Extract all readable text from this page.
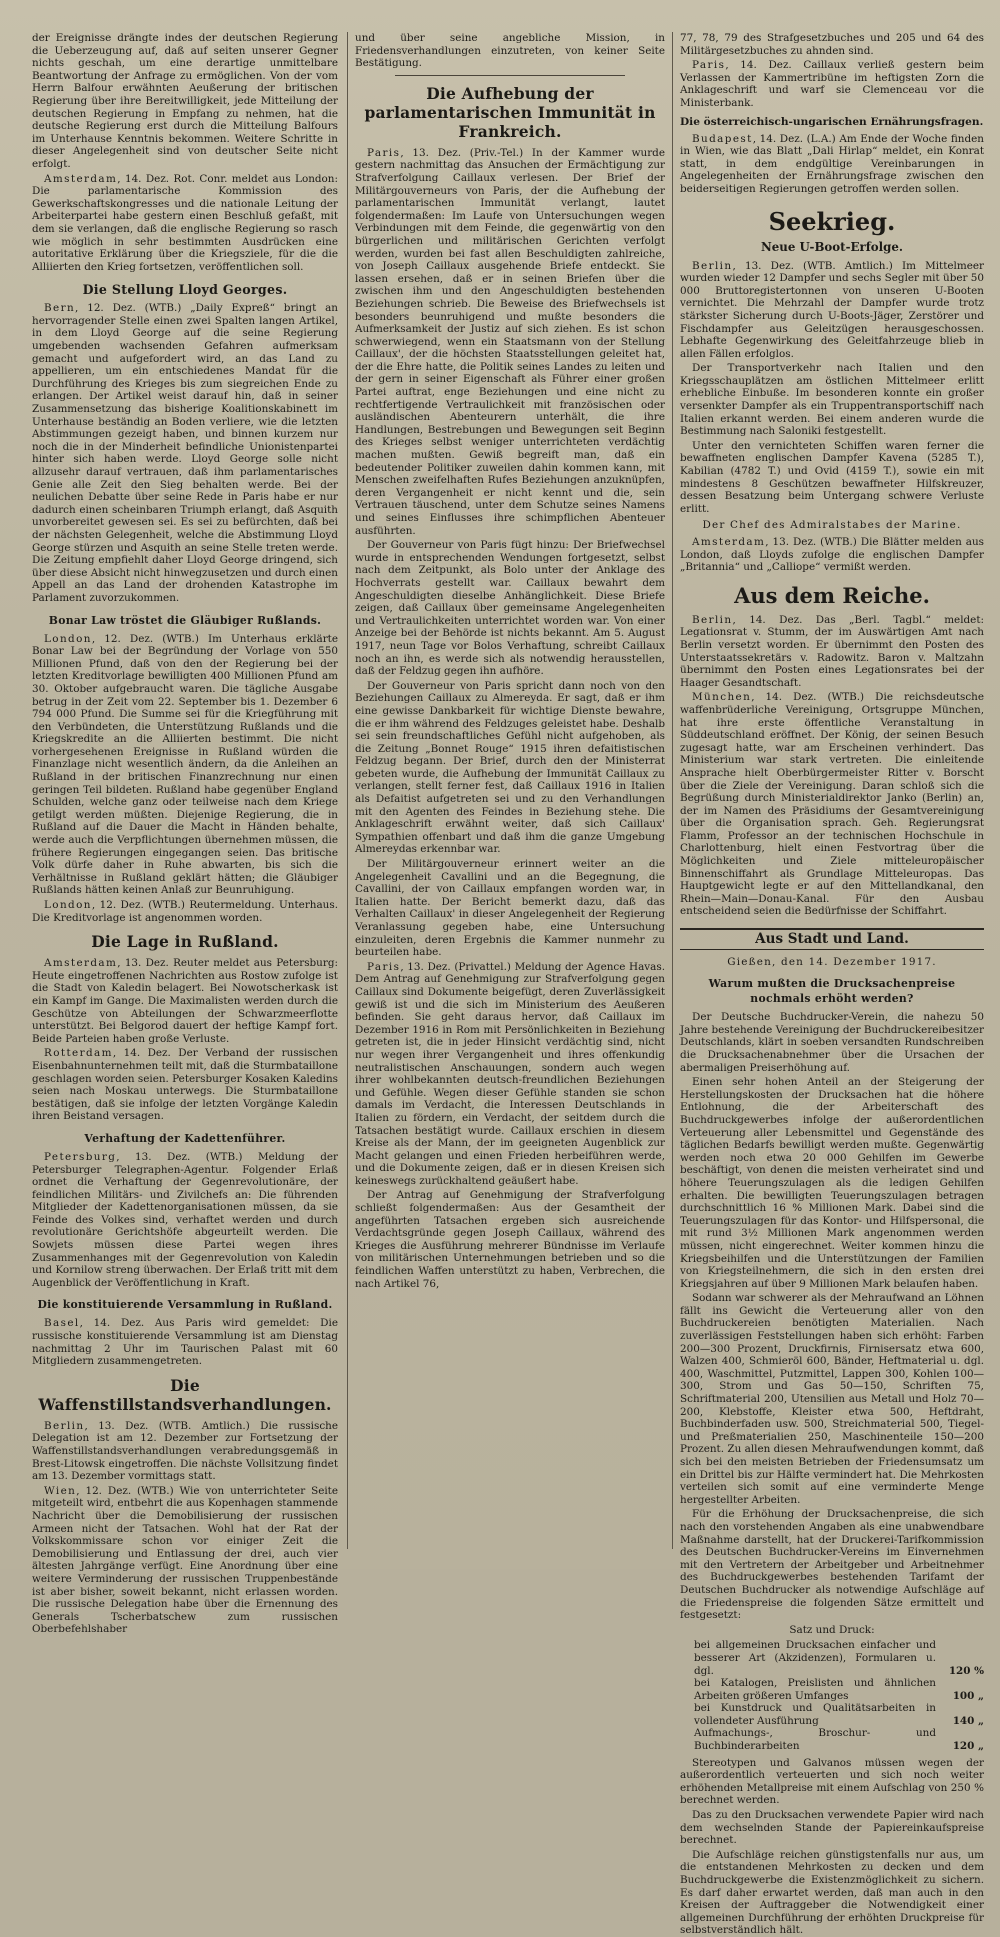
der Ereignisse drängte indes der deutschen Regierung die Ueberzeugung auf, daß auf seiten unserer Gegner nichts geschah, um eine derartige unmittelbare Beantwortung der Anfrage zu ermöglichen. Von der vom Herrn Balfour erwähnten Aeußerung der britischen Regierung über ihre Bereitwilligkeit, jede Mitteilung der deutschen Regierung in Empfang zu nehmen, hat die deutsche Regierung erst durch die Mitteilung Balfours im Unterhause Kenntnis bekommen. Weitere Schritte in dieser Angelegenheit sind von deutscher Seite nicht erfolgt.

Amsterdam, 14. Dez. Rot. Conr. meldet aus London: Die parlamentarische Kommission des Gewerkschaftskongresses und die nationale Leitung der Arbeiterpartei habe gestern einen Beschluß gefaßt, mit dem sie verlangen, daß die englische Regierung so rasch wie möglich in sehr bestimmten Ausdrücken eine autoritative Erklärung über die Kriegsziele, für die die Alliierten den Krieg fortsetzen, veröffentlichen soll.

Die Stellung Lloyd Georges.

Bern, 12. Dez. (WTB.) „Daily Expreß“ bringt an hervorragender Stelle einen zwei Spalten langen Artikel, in dem Lloyd George auf die seine Regierung umgebenden wachsenden Gefahren aufmerksam gemacht und aufgefordert wird, an das Land zu appellieren, um ein entschiedenes Mandat für die Durchführung des Krieges bis zum siegreichen Ende zu erlangen. Der Artikel weist darauf hin, daß in seiner Zusammensetzung das bisherige Koalitionskabinett im Unterhause beständig an Boden verliere, wie die letzten Abstimmungen gezeigt haben, und binnen kurzem nur noch die in der Minderheit befindliche Unionistenpartei hinter sich haben werde. Lloyd George solle nicht allzusehr darauf vertrauen, daß ihm parlamentarisches Genie alle Zeit den Sieg behalten werde. Bei der neulichen Debatte über seine Rede in Paris habe er nur dadurch einen scheinbaren Triumph erlangt, daß Asquith unvorbereitet gewesen sei. Es sei zu befürchten, daß bei der nächsten Gelegenheit, welche die Abstimmung Lloyd George stürzen und Asquith an seine Stelle treten werde. Die Zeitung empfiehlt daher Lloyd George dringend, sich über diese Absicht nicht hinwegzusetzen und durch einen Appell an das Land der drohenden Katastrophe im Parlament zuvorzukommen.

Bonar Law tröstet die Gläubiger Rußlands.

London, 12. Dez. (WTB.) Im Unterhaus erklärte Bonar Law bei der Begründung der Vorlage von 550 Millionen Pfund, daß von den der Regierung bei der letzten Kreditvorlage bewilligten 400 Millionen Pfund am 30. Oktober aufgebraucht waren. Die tägliche Ausgabe betrug in der Zeit vom 22. September bis 1. Dezember 6 794 000 Pfund. Die Summe sei für die Kriegführung mit den Verbündeten, die Unterstützung Rußlands und die Kriegskredite an die Alliierten bestimmt. Die nicht vorhergesehenen Ereignisse in Rußland würden die Finanzlage nicht wesentlich ändern, da die Anleihen an Rußland in der britischen Finanzrechnung nur einen geringen Teil bildeten. Rußland habe gegenüber England Schulden, welche ganz oder teilweise nach dem Kriege getilgt werden müßten. Diejenige Regierung, die in Rußland auf die Dauer die Macht in Händen behalte, werde auch die Verpflichtungen übernehmen müssen, die frühere Regierungen eingegangen seien. Das britische Volk dürfe daher in Ruhe abwarten, bis sich die Verhältnisse in Rußland geklärt hätten; die Gläubiger Rußlands hätten keinen Anlaß zur Beunruhigung.

London, 12. Dez. (WTB.) Reutermeldung. Unterhaus. Die Kreditvorlage ist angenommen worden.

Die Lage in Rußland.

Amsterdam, 13. Dez. Reuter meldet aus Petersburg: Heute eingetroffenen Nachrichten aus Rostow zufolge ist die Stadt von Kaledin belagert. Bei Nowotscherkask ist ein Kampf im Gange. Die Maximalisten werden durch die Geschütze von Abteilungen der Schwarzmeerflotte unterstützt. Bei Belgorod dauert der heftige Kampf fort. Beide Parteien haben große Verluste.

Rotterdam, 14. Dez. Der Verband der russischen Eisenbahnunternehmen teilt mit, daß die Sturmbataillone geschlagen worden seien. Petersburger Kosaken Kaledins seien nach Moskau unterwegs. Die Sturmbataillone bestätigen, daß sie infolge der letzten Vorgänge Kaledin ihren Beistand versagen.

Verhaftung der Kadettenführer.

Petersburg, 13. Dez. (WTB.) Meldung der Petersburger Telegraphen-Agentur. Folgender Erlaß ordnet die Verhaftung der Gegenrevolutionäre, der feindlichen Militärs- und Zivilchefs an: Die führenden Mitglieder der Kadettenorganisationen müssen, da sie Feinde des Volkes sind, verhaftet werden und durch revolutionäre Gerichtshöfe abgeurteilt werden. Die Sowjets müssen diese Partei wegen ihres Zusammenhanges mit der Gegenrevolution von Kaledin und Kornilow streng überwachen. Der Erlaß tritt mit dem Augenblick der Veröffentlichung in Kraft.

Die konstituierende Versammlung in Rußland.

Basel, 14. Dez. Aus Paris wird gemeldet: Die russische konstituierende Versammlung ist am Dienstag nachmittag 2 Uhr im Taurischen Palast mit 60 Mitgliedern zusammengetreten.

Die Waffenstillstandsverhandlungen.

Berlin, 13. Dez. (WTB. Amtlich.) Die russische Delegation ist am 12. Dezember zur Fortsetzung der Waffenstillstandsverhandlungen verabredungsgemäß in Brest-Litowsk eingetroffen. Die nächste Vollsitzung findet am 13. Dezember vormittags statt.

Wien, 12. Dez. (WTB.) Wie von unterrichteter Seite mitgeteilt wird, entbehrt die aus Kopenhagen stammende Nachricht über die Demobilisierung der russischen Armeen nicht der Tatsachen. Wohl hat der Rat der Volkskommissare schon vor einiger Zeit die Demobilisierung und Entlassung der drei, auch vier ältesten Jahrgänge verfügt. Eine Anordnung über eine weitere Verminderung der russischen Truppenbestände ist aber bisher, soweit bekannt, nicht erlassen worden. Die russische Delegation habe über die Ernennung des Generals Tscherbatschew zum russischen Oberbefehlshaber

und über seine angebliche Mission, in Friedensverhandlungen einzutreten, von keiner Seite Bestätigung.

Die Aufhebung der parlamentarischen Immunität in Frankreich.

Paris, 13. Dez. (Priv.-Tel.) In der Kammer wurde gestern nachmittag das Ansuchen der Ermächtigung zur Strafverfolgung Caillaux verlesen. Der Brief der Militärgouverneurs von Paris, der die Aufhebung der parlamentarischen Immunität verlangt, lautet folgendermaßen: Im Laufe von Untersuchungen wegen Verbindungen mit dem Feinde, die gegenwärtig von den bürgerlichen und militärischen Gerichten verfolgt werden, wurden bei fast allen Beschuldigten zahlreiche, von Joseph Caillaux ausgehende Briefe entdeckt. Sie lassen ersehen, daß er in seinen Briefen über die zwischen ihm und den Angeschuldigten bestehenden Beziehungen schrieb. Die Beweise des Briefwechsels ist besonders beunruhigend und mußte besonders die Aufmerksamkeit der Justiz auf sich ziehen. Es ist schon schwerwiegend, wenn ein Staatsmann von der Stellung Caillaux', der die höchsten Staatsstellungen geleitet hat, der die Ehre hatte, die Politik seines Landes zu leiten und der gern in seiner Eigenschaft als Führer einer großen Partei auftrat, enge Beziehungen und eine nicht zu rechtfertigende Vertraulichkeit mit französischen oder ausländischen Abenteurern unterhält, die ihre Handlungen, Bestrebungen und Bewegungen seit Beginn des Krieges selbst weniger unterrichteten verdächtig machen mußten. Gewiß begreift man, daß ein bedeutender Politiker zuweilen dahin kommen kann, mit Menschen zweifelhaften Rufes Beziehungen anzuknüpfen, deren Vergangenheit er nicht kennt und die, sein Vertrauen täuschend, unter dem Schutze seines Namens und seines Einflusses ihre schimpflichen Abenteuer ausführten.

Der Gouverneur von Paris fügt hinzu: Der Briefwechsel wurde in entsprechenden Wendungen fortgesetzt, selbst nach dem Zeitpunkt, als Bolo unter der Anklage des Hochverrats gestellt war. Caillaux bewahrt dem Angeschuldigten dieselbe Anhänglichkeit. Diese Briefe zeigen, daß Caillaux über gemeinsame Angelegenheiten und Vertraulichkeiten unterrichtet worden war. Von einer Anzeige bei der Behörde ist nichts bekannt. Am 5. August 1917, neun Tage vor Bolos Verhaftung, schreibt Caillaux noch an ihn, es werde sich als notwendig herausstellen, daß der Feldzug gegen ihn aufhöre.

Der Gouverneur von Paris spricht dann noch von den Beziehungen Caillaux zu Almereyda. Er sagt, daß er ihm eine gewisse Dankbarkeit für wichtige Dienste bewahre, die er ihm während des Feldzuges geleistet habe. Deshalb sei sein freundschaftliches Gefühl nicht aufgehoben, als die Zeitung „Bonnet Rouge“ 1915 ihren defaitistischen Feldzug begann. Der Brief, durch den der Ministerrat gebeten wurde, die Aufhebung der Immunität Caillaux zu verlangen, stellt ferner fest, daß Caillaux 1916 in Italien als Defaitist aufgetreten sei und zu den Verhandlungen mit den Agenten des Feindes in Beziehung stehe. Die Anklageschrift erwähnt weiter, daß sich Caillaux' Sympathien offenbart und daß ihm die ganze Umgebung Almereydas erkennbar war.

Der Militärgouverneur erinnert weiter an die Angelegenheit Cavallini und an die Begegnung, die Cavallini, der von Caillaux empfangen worden war, in Italien hatte. Der Bericht bemerkt dazu, daß das Verhalten Caillaux' in dieser Angelegenheit der Regierung Veranlassung gegeben habe, eine Untersuchung einzuleiten, deren Ergebnis die Kammer nunmehr zu beurteilen habe.

Paris, 13. Dez. (Privattel.) Meldung der Agence Havas. Dem Antrag auf Genehmigung zur Strafverfolgung gegen Caillaux sind Dokumente beigefügt, deren Zuverlässigkeit gewiß ist und die sich im Ministerium des Aeußeren befinden. Sie geht daraus hervor, daß Caillaux im Dezember 1916 in Rom mit Persönlichkeiten in Beziehung getreten ist, die in jeder Hinsicht verdächtig sind, nicht nur wegen ihrer Vergangenheit und ihres offenkundig neutralistischen Anschauungen, sondern auch wegen ihrer wohlbekannten deutsch-freundlichen Beziehungen und Gefühle. Wegen dieser Gefühle standen sie schon damals im Verdacht, die Interessen Deutschlands in Italien zu fördern, ein Verdacht, der seitdem durch die Tatsachen bestätigt wurde. Caillaux erschien in diesem Kreise als der Mann, der im geeigneten Augenblick zur Macht gelangen und einen Frieden herbeiführen werde, und die Dokumente zeigen, daß er in diesen Kreisen sich keineswegs zurückhaltend geäußert habe.

Der Antrag auf Genehmigung der Strafverfolgung schließt folgendermaßen: Aus der Gesamtheit der angeführten Tatsachen ergeben sich ausreichende Verdachtsgründe gegen Joseph Caillaux, während des Krieges die Ausführung mehrerer Bündnisse im Verlaufe von militärischen Unternehmungen betrieben und so die feindlichen Waffen unterstützt zu haben, Verbrechen, die nach Artikel 76,

77, 78, 79 des Strafgesetzbuches und 205 und 64 des Militärgesetzbuches zu ahnden sind.

Paris, 14. Dez. Caillaux verließ gestern beim Verlassen der Kammertribüne im heftigsten Zorn die Anklageschrift und warf sie Clemenceau vor die Ministerbank.

Die österreichisch-ungarischen Ernährungsfragen.

Budapest, 14. Dez. (L.A.) Am Ende der Woche finden in Wien, wie das Blatt „Dali Hirlap“ meldet, ein Konrat statt, in dem endgültige Vereinbarungen in Angelegenheiten der Ernährungsfrage zwischen den beiderseitigen Regierungen getroffen werden sollen.

Seekrieg.
Neue U-Boot-Erfolge.

Berlin, 13. Dez. (WTB. Amtlich.) Im Mittelmeer wurden wieder 12 Dampfer und sechs Segler mit über 50 000 Bruttoregistertonnen von unseren U-Booten vernichtet. Die Mehrzahl der Dampfer wurde trotz stärkster Sicherung durch U-Boots-Jäger, Zerstörer und Fischdampfer aus Geleitzügen herausgeschossen. Lebhafte Gegenwirkung des Geleitfahrzeuge blieb in allen Fällen erfolglos.

Der Transportverkehr nach Italien und den Kriegsschauplätzen am östlichen Mittelmeer erlitt erhebliche Einbuße. Im besonderen konnte ein großer versenkter Dampfer als ein Truppentransportschiff nach Italien erkannt werden. Bei einem anderen wurde die Bestimmung nach Saloniki festgestellt.

Unter den vernichteten Schiffen waren ferner die bewaffneten englischen Dampfer Kavena (5285 T.), Kabilian (4782 T.) und Ovid (4159 T.), sowie ein mit mindestens 8 Geschützen bewaffneter Hilfskreuzer, dessen Besatzung beim Untergang schwere Verluste erlitt.

Der Chef des Admiralstabes der Marine.

Amsterdam, 13. Dez. (WTB.) Die Blätter melden aus London, daß Lloyds zufolge die englischen Dampfer „Britannia“ und „Calliope“ vermißt werden.

Aus dem Reiche.

Berlin, 14. Dez. Das „Berl. Tagbl.“ meldet: Legationsrat v. Stumm, der im Auswärtigen Amt nach Berlin versetzt worden. Er übernimmt den Posten des Unterstaatssekretärs v. Radowitz. Baron v. Maltzahn übernimmt den Posten eines Legationsrates bei der Haager Gesandtschaft.

München, 14. Dez. (WTB.) Die reichsdeutsche waffenbrüderliche Vereinigung, Ortsgruppe München, hat ihre erste öffentliche Veranstaltung in Süddeutschland eröffnet. Der König, der seinen Besuch zugesagt hatte, war am Erscheinen verhindert. Das Ministerium war stark vertreten. Die einleitende Ansprache hielt Oberbürgermeister Ritter v. Borscht über die Ziele der Vereinigung. Daran schloß sich die Begrüßung durch Ministerialdirektor Janko (Berlin) an, der im Namen des Präsidiums der Gesamtvereinigung über die Organisation sprach. Geh. Regierungsrat Flamm, Professor an der technischen Hochschule in Charlottenburg, hielt einen Festvortrag über die Möglichkeiten und Ziele mitteleuropäischer Binnenschiffahrt als Grundlage Mitteleuropas. Das Hauptgewicht legte er auf den Mittellandkanal, den Rhein—Main—Donau-Kanal. Für den Ausbau entscheidend seien die Bedürfnisse der Schiffahrt.

Aus Stadt und Land.
Gießen, den 14. Dezember 1917.
Warum mußten die Drucksachenpreise nochmals erhöht werden?

Der Deutsche Buchdrucker-Verein, die nahezu 50 Jahre bestehende Vereinigung der Buchdruckereibesitzer Deutschlands, klärt in soeben versandten Rundschreiben die Drucksachenabnehmer über die Ursachen der abermaligen Preiserhöhung auf.

Einen sehr hohen Anteil an der Steigerung der Herstellungskosten der Drucksachen hat die höhere Entlohnung, die der Arbeiterschaft des Buchdruckgewerbes infolge der außerordentlichen Verteuerung aller Lebensmittel und Gegenstände des täglichen Bedarfs bewilligt werden mußte. Gegenwärtig werden noch etwa 20 000 Gehilfen im Gewerbe beschäftigt, von denen die meisten verheiratet sind und höhere Teuerungszulagen als die ledigen Gehilfen erhalten. Die bewilligten Teuerungszulagen betragen durchschnittlich 16 % Millionen Mark. Dabei sind die Teuerungszulagen für das Kontor- und Hilfspersonal, die mit rund 3½ Millionen Mark angenommen werden müssen, nicht eingerechnet. Weiter kommen hinzu die Kriegsbeihilfen und die Unterstützungen der Familien von Kriegsteilnehmern, die sich in den ersten drei Kriegsjahren auf über 9 Millionen Mark belaufen haben.

Sodann war schwerer als der Mehraufwand an Löhnen fällt ins Gewicht die Verteuerung aller von den Buchdruckereien benötigten Materialien. Nach zuverlässigen Feststellungen haben sich erhöht: Farben 200—300 Prozent, Druckfirnis, Firnisersatz etwa 600, Walzen 400, Schmieröl 600, Bänder, Heftmaterial u. dgl. 400, Waschmittel, Putzmittel, Lappen 300, Kohlen 100—300, Strom und Gas 50—150, Schriften 75, Schriftmaterial 200, Utensilien aus Metall und Holz 70—200, Klebstoffe, Kleister etwa 500, Heftdraht, Buchbinderfaden usw. 500, Streichmaterial 500, Tiegel- und Preßmaterialien 250, Maschinenteile 150—200 Prozent. Zu allen diesen Mehraufwendungen kommt, daß sich bei den meisten Betrieben der Friedensumsatz um ein Drittel bis zur Hälfte vermindert hat. Die Mehrkosten verteilen sich somit auf eine verminderte Menge hergestellter Arbeiten.

Für die Erhöhung der Drucksachenpreise, die sich nach den vorstehenden Angaben als eine unabwendbare Maßnahme darstellt, hat der Druckerei-Tarifkommission des Deutschen Buchdrucker-Vereins im Einvernehmen mit den Vertretern der Arbeitgeber und Arbeitnehmer des Buchdruckgewerbes bestehenden Tarifamt der Deutschen Buchdrucker als notwendige Aufschläge auf die Friedenspreise die folgenden Sätze ermittelt und festgesetzt:

Satz und Druck:
bei allgemeinen Drucksachen einfacher und besserer Art (Akzidenzen), Formularen u. dgl.	120 %
bei Katalogen, Preislisten und ähnlichen Arbeiten größeren Umfanges	100 „
bei Kunstdruck und Qualitätsarbeiten in vollendeter Ausführung	140 „
Aufmachungs-, Broschur- und Buchbinderarbeiten	120 „

Stereotypen und Galvanos müssen wegen der außerordentlich verteuerten und sich noch weiter erhöhenden Metallpreise mit einem Aufschlag von 250 % berechnet werden.

Das zu den Drucksachen verwendete Papier wird nach dem wechselnden Stande der Papiereinkaufspreise berechnet.

Die Aufschläge reichen günstigstenfalls nur aus, um die entstandenen Mehrkosten zu decken und dem Buchdruckgewerbe die Existenzmöglichkeit zu sichern. Es darf daher erwartet werden, daß man auch in den Kreisen der Auftraggeber die Notwendigkeit einer allgemeinen Durchführung der erhöhten Druckpreise für selbstverständlich hält.
